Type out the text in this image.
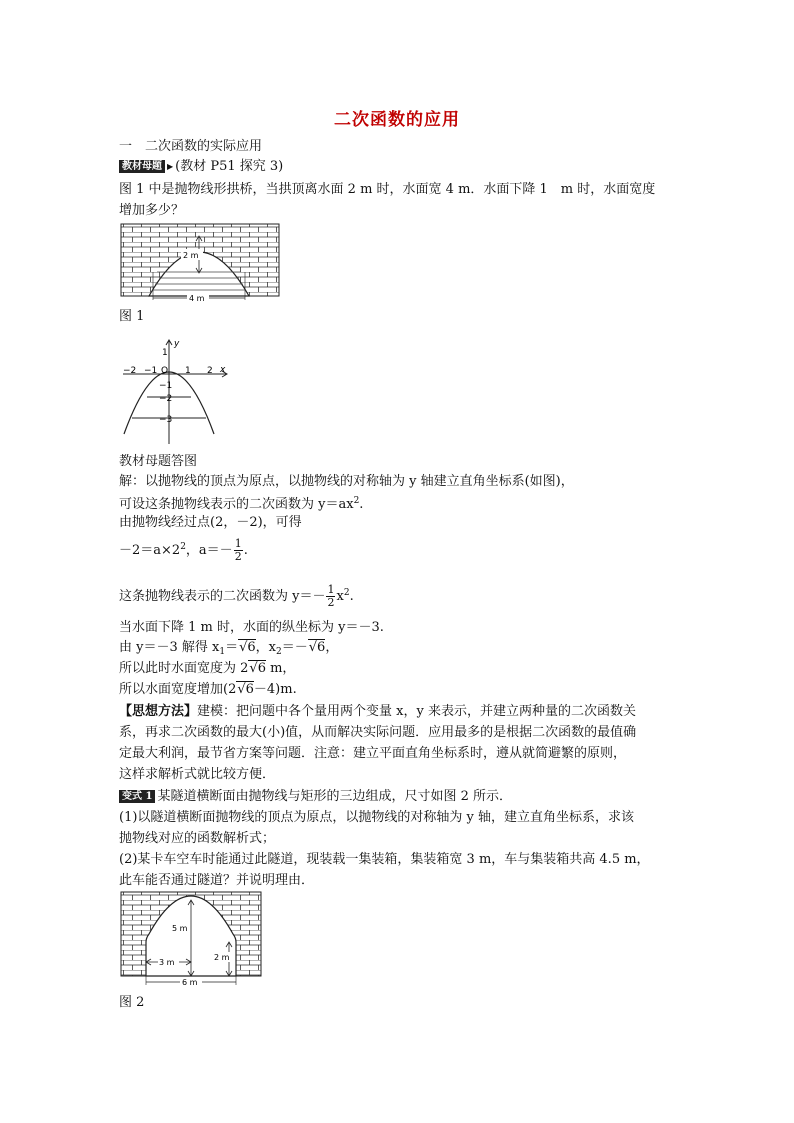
二次函数的应用
一　二次函数的实际应用
教材母题 ▶ (教材 P51 探究 3)
图 1 中是抛物线形拱桥，当拱顶离水面 2 m 时，水面宽 4 m．水面下降 1　m 时，水面宽度
增加多少？
2 m
4 m
图 1
y
x
−2 −1 O 1 2
1
−1
−2
−3
教材母题答图
解：以抛物线的顶点为原点，以抛物线的对称轴为 y 轴建立直角坐标系(如图)，
可设这条抛物线表示的二次函数为 $y=ax^2$.
由抛物线经过点(2，－2)，可得
$-2=a\times 2^2$，$a=- \frac{1}{2}$ .
这条抛物线表示的二次函数为 $y=- \frac{1}{2} x^2$.
当水面下降 1 m 时，水面的纵坐标为 y＝－3.
由 y＝－3 解得 $x_1=√6$，$x_2=-√6$，
所以此时水面宽度为 2√6 m，
所以水面宽度增加(2√6－4)m.
【思想方法】建模：把问题中各个量用两个变量 x，y 来表示，并建立两种量的二次函数关
系，再求二次函数的最大(小)值，从而解决实际问题．应用最多的是根据二次函数的最值确
定最大利润，最节省方案等问题．注意：建立平面直角坐标系时，遵从就简避繁的原则，
这样求解析式就比较方便．
变式 1 某隧道横断面由抛物线与矩形的三边组成，尺寸如图 2 所示．
(1)以隧道横断面抛物线的顶点为原点，以抛物线的对称轴为 y 轴，建立直角坐标系，求该
抛物线对应的函数解析式；
(2)某卡车空车时能通过此隧道，现装载一集装箱，集装箱宽 3 m，车与集装箱共高 4.5 m，
此车能否通过隧道？并说明理由．
5 m
2 m
3 m
6 m
图 2
